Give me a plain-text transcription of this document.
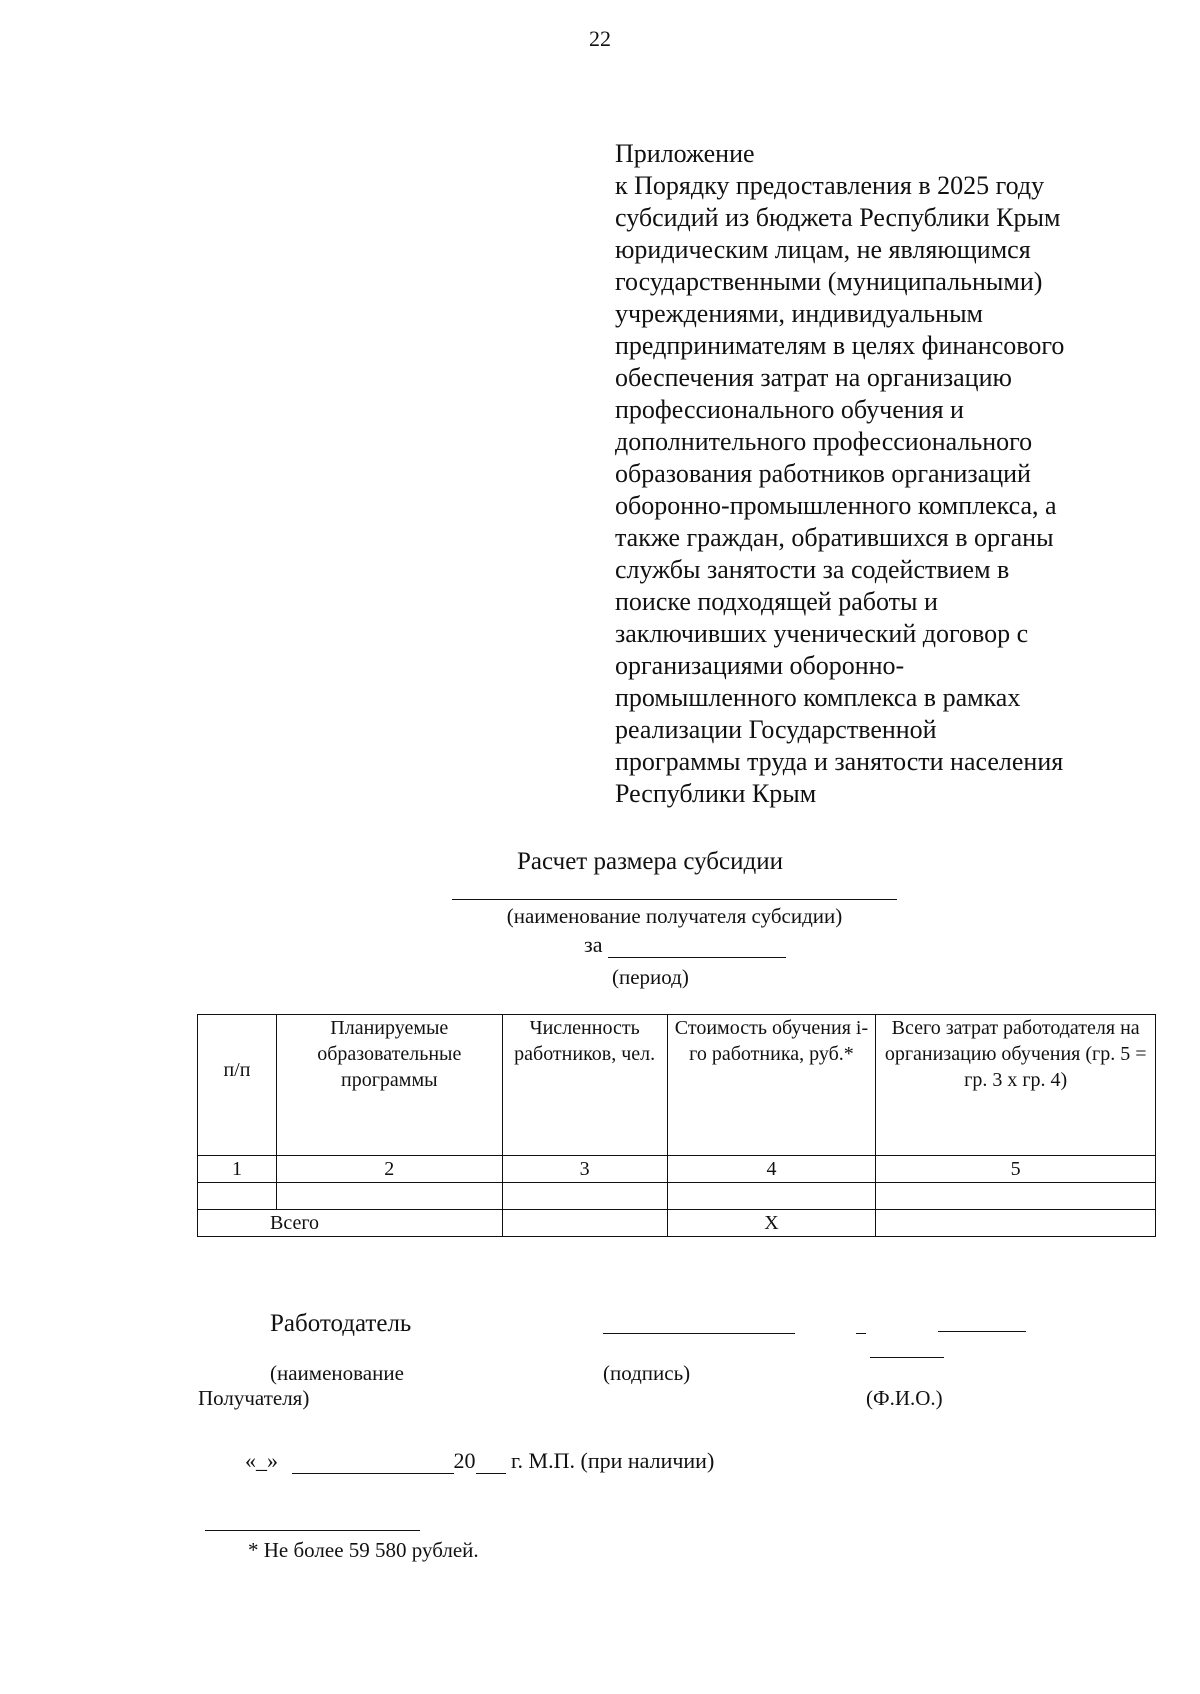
22
Приложение
к Порядку предоставления в 2025 году
субсидий из бюджета Республики Крым
юридическим лицам, не являющимся
государственными (муниципальными)
учреждениями, индивидуальным
предпринимателям в целях финансового
обеспечения затрат на организацию
профессионального обучения и
дополнительного профессионального
образования работников организаций
оборонно-промышленного комплекса, а
также граждан, обратившихся в органы
службы занятости за содействием в
поиске подходящей работы и
заключивших ученический договор с
организациями оборонно-
промышленного комплекса в рамках
реализации Государственной
программы труда и занятости населения
Республики Крым
Расчет размера субсидии
(наименование получателя субсидии)
за
(период)
п/п	Планируемые образовательные программы	Численность работников, чел.	Стоимость обучения i-го работника, руб.*	Всего затрат работодателя на организацию обучения (гр. 5 = гр. 3 х гр. 4)
1	2	3	4	5

Всего			Х	
Работодатель
(наименование
Получателя)
(подпись)
(Ф.И.О.)
«_»	20 г. М.П. (при наличии)
* Не более 59 580 рублей.
